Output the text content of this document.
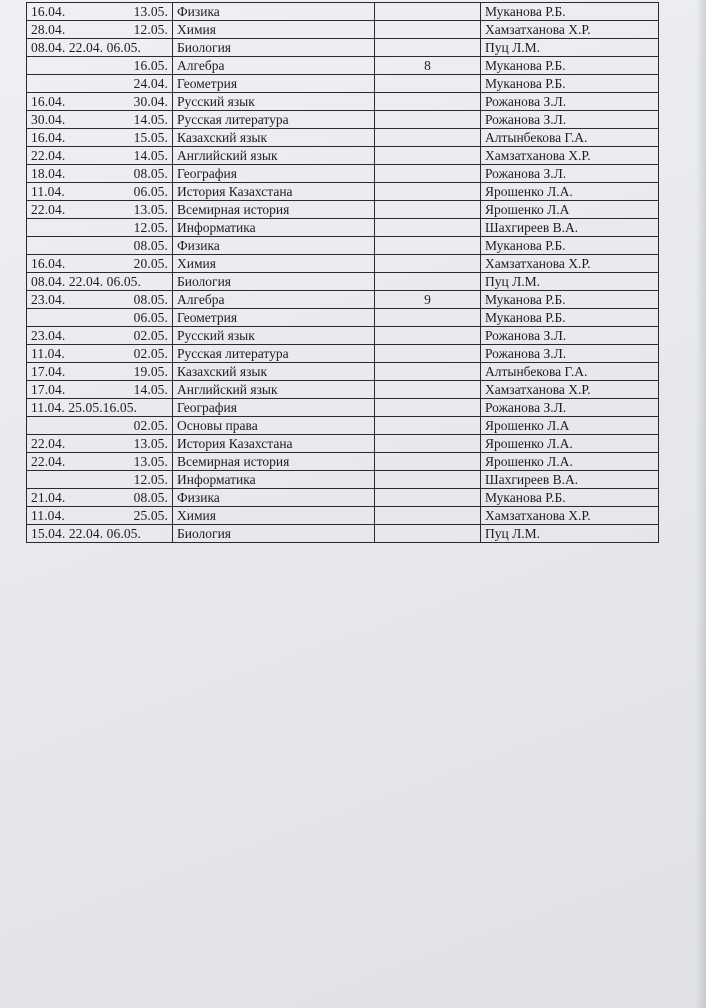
16.04. 13.05.	Физика		Муканова Р.Б.

28.04. 12.05.	Химия		Хамзатханова Х.Р.

08.04. 22.04. 06.05.	Биология		Пуц Л.М.

16.05.	Алгебра	8	Муканова Р.Б.

24.04.	Геометрия		Муканова Р.Б.

16.04. 30.04.	Русский язык		Рожанова З.Л.

30.04. 14.05.	Русская литература		Рожанова З.Л.

16.04. 15.05.	Казахский язык		Алтынбекова Г.А.

22.04. 14.05.	Английский язык		Хамзатханова Х.Р.

18.04. 08.05.	География		Рожанова З.Л.

11.04. 06.05.	История Казахстана		Ярошенко Л.А.

22.04. 13.05.	Всемирная история		Ярошенко Л.А

12.05.	Информатика		Шахгиреев В.А.

08.05.	Физика		Муканова Р.Б.

16.04. 20.05.	Химия		Хамзатханова Х.Р.

08.04. 22.04. 06.05.	Биология		Пуц Л.М.

23.04. 08.05.	Алгебра	9	Муканова Р.Б.

06.05.	Геометрия		Муканова Р.Б.

23.04. 02.05.	Русский язык		Рожанова З.Л.

11.04. 02.05.	Русская литература		Рожанова З.Л.

17.04. 19.05.	Казахский язык		Алтынбекова Г.А.

17.04. 14.05.	Английский язык		Хамзатханова Х.Р.

11.04. 25.05.16.05.	География		Рожанова З.Л.

02.05.	Основы права		Ярошенко Л.А

22.04. 13.05.	История Казахстана		Ярошенко Л.А.

22.04. 13.05.	Всемирная история		Ярошенко Л.А.

12.05.	Информатика		Шахгиреев В.А.

21.04. 08.05.	Физика		Муканова Р.Б.

11.04. 25.05.	Химия		Хамзатханова Х.Р.

15.04. 22.04. 06.05.	Биология		Пуц Л.М.
